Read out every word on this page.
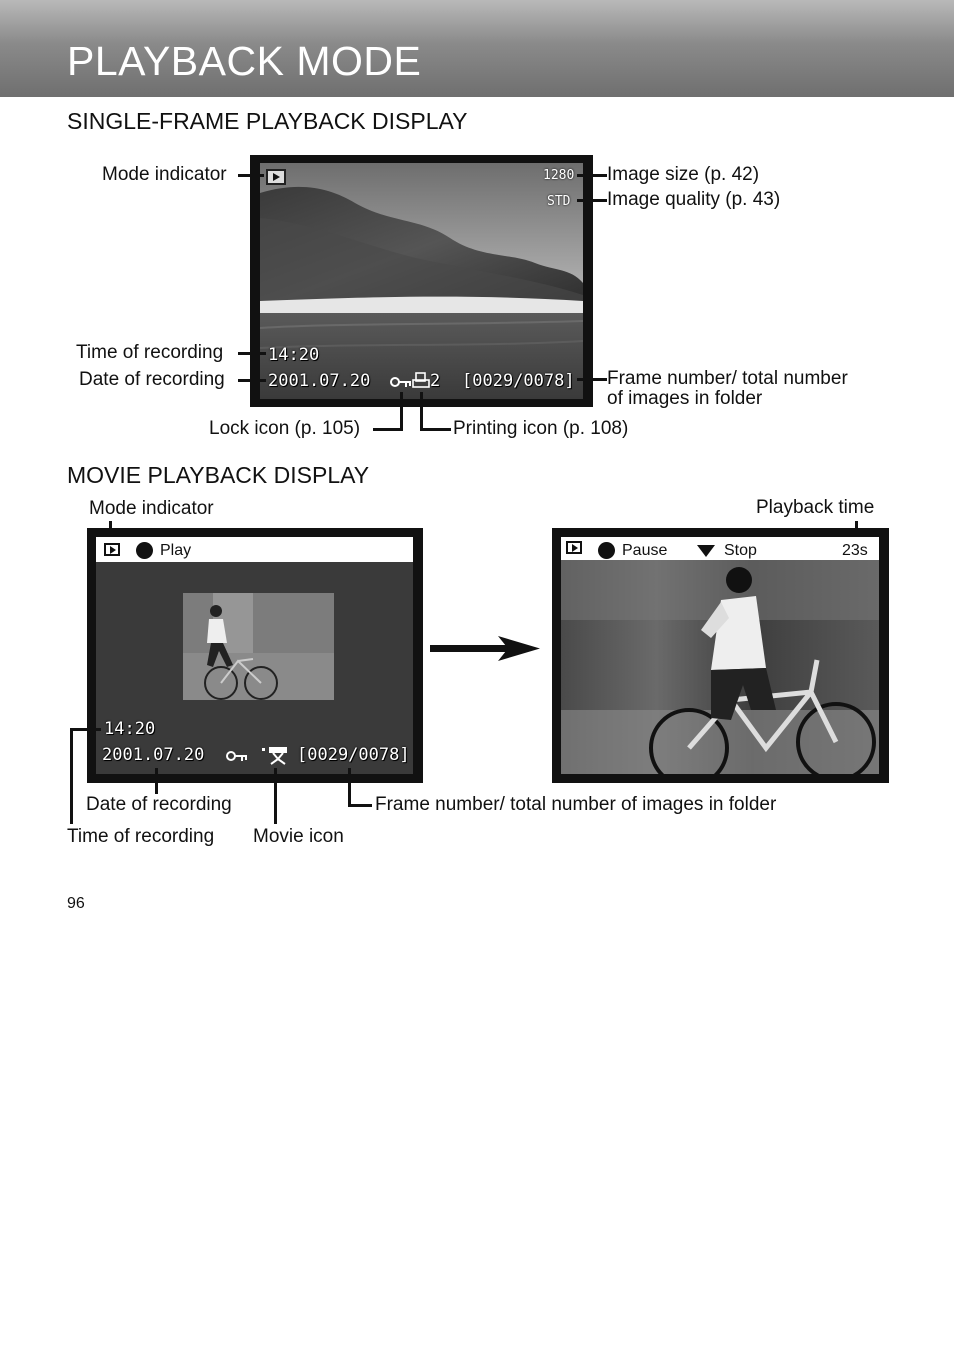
PLAYBACK MODE
SINGLE-FRAME PLAYBACK DISPLAY
1280
STD
14:20
2001.07.20	2 [0029/0078]
Mode indicator	Image size (p. 42)
Image quality (p. 43)
Time of recording
Date of recording	Frame number/ total number
of images in folder
Lock icon (p. 105)	Printing icon (p. 108)
MOVIE PLAYBACK DISPLAY
Mode indicator	Playback time
Play
14:20
2001.07.20	[0029/0078]
Pause	Stop	23s
Date of recording	Frame number/ total number of images in folder
Time of recording Movie icon
96
